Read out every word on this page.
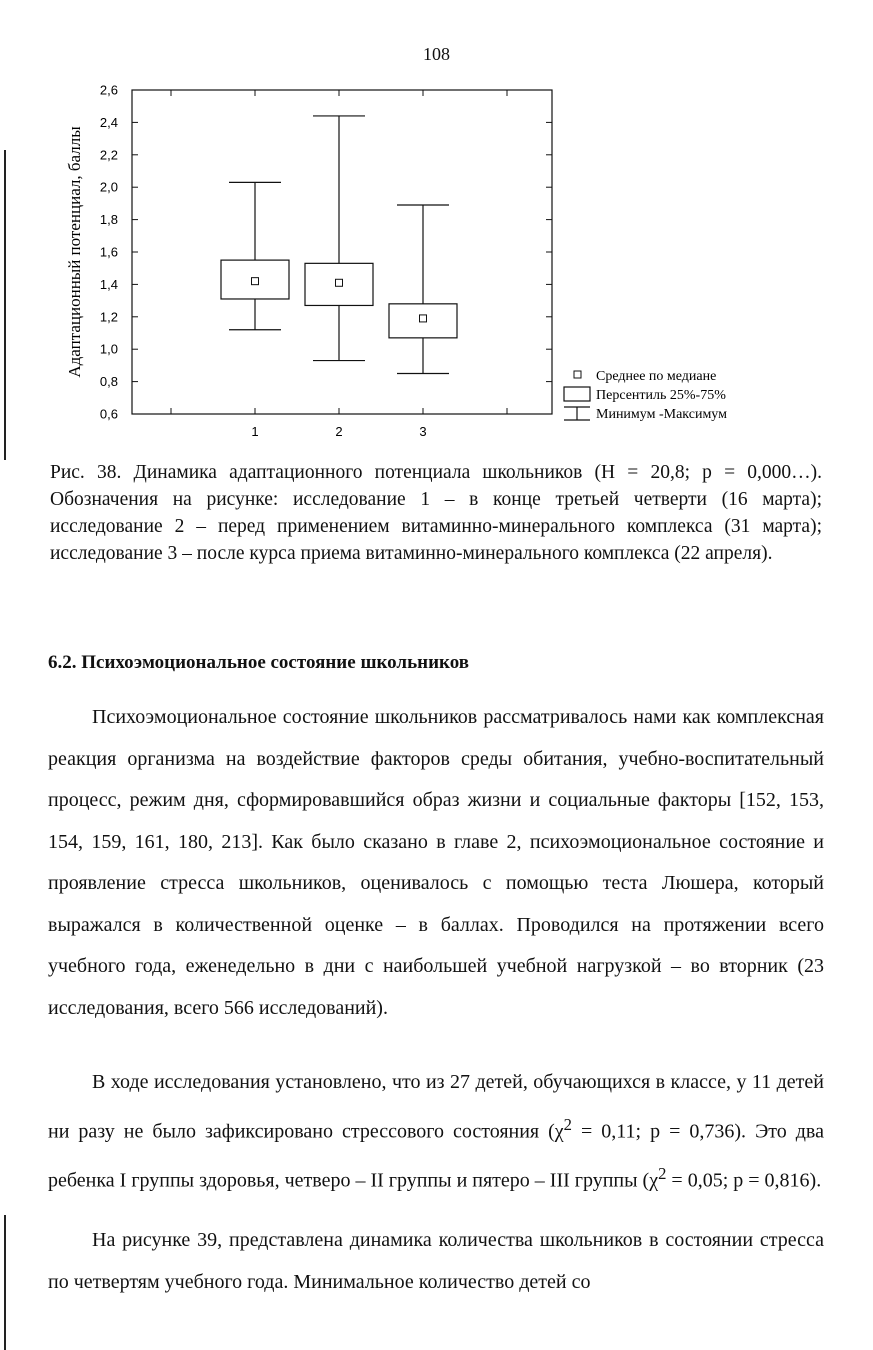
108
Адаптационный потенциал, баллы
0,6
0,8
1,0
1,2
1,4
1,6
1,8
2,0
2,2
2,4
2,6
1	2	3
Среднее по медиане
Персентиль 25%-75%
Минимум -Максимум

Рис. 38. Динамика адаптационного потенциала школьников (H = 20,8; p = 0,000…). Обозначения на рисунке: исследование 1 – в конце третьей четверти (16 марта); исследование 2 – перед применением витаминно-минерального комплекса (31 марта); исследование 3 – после курса приема витаминно-минерального комплекса (22 апреля).

6.2. Психоэмоциональное состояние школьников

Психоэмоциональное состояние школьников рассматривалось нами как комплексная реакция организма на воздействие факторов среды обитания, учебно-воспитательный процесс, режим дня, сформировавшийся образ жизни и социальные факторы [152, 153, 154, 159, 161, 180, 213]. Как было сказано в главе 2, психоэмоциональное состояние и проявление стресса школьников, оценивалось с помощью теста Люшера, который выражался в количественной оценке – в баллах. Проводился на протяжении всего учебного года, еженедельно в дни с наибольшей учебной нагрузкой – во вторник (23 исследования, всего 566 исследований).

В ходе исследования установлено, что из 27 детей, обучающихся в классе, у 11 детей ни разу не было зафиксировано стрессового состояния ($\chi^2 = 0,11$; p = 0,736). Это два ребенка I группы здоровья, четверо – II группы и пятеро – III группы ($\chi^2 = 0,05$; p = 0,816).

На рисунке 39, представлена динамика количества школьников в состоянии стресса по четвертям учебного года. Минимальное количество детей со
